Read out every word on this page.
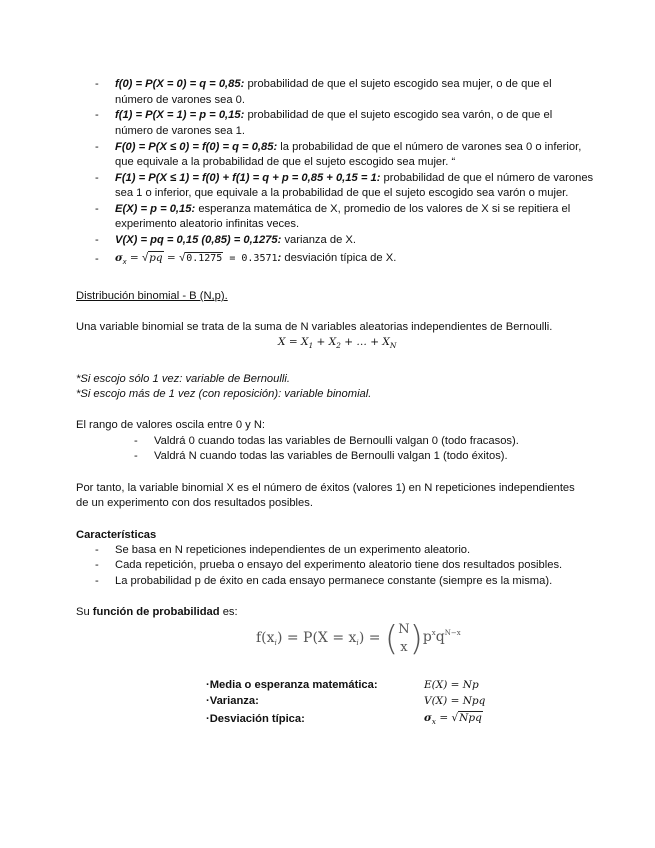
- f(0) = P(X = 0) = q = 0,85: probabilidad de que el sujeto escogido sea mujer, o de que el
número de varones sea 0.
- f(1) = P(X = 1) = p = 0,15: probabilidad de que el sujeto escogido sea varón, o de que el
número de varones sea 1.
- F(0) = P(X ≤ 0) = f(0) = q = 0,85: la probabilidad de que el número de varones sea 0 o inferior,
que equivale a la probabilidad de que el sujeto escogido sea mujer. “
- F(1) = P(X ≤ 1) = f(0) + f(1) = q + p = 0,85 + 0,15 = 1: probabilidad de que el número de varones
sea 1 o inferior, que equivale a la probabilidad de que el sujeto escogido sea varón o mujer.
- E(X) = p = 0,15: esperanza matemática de X, promedio de los valores de X si se repitiera el
experimento aleatorio infinitas veces.
- V(X) = pq = 0,15 (0,85) = 0,1275: varianza de X.
- $\sigma_x = √pq = √0.1275 = 0.3571$: desviación típica de X.
Distribución binomial - B (N,p).
Una variable binomial se trata de la suma de N variables aleatorias independientes de Bernoulli.
$X = X_1 + X_2$ + … + $X_N$
*Si escojo sólo 1 vez: variable de Bernoulli.
*Si escojo más de 1 vez (con reposición): variable binomial.
El rango de valores oscila entre 0 y N:
- Valdrá 0 cuando todas las variables de Bernoulli valgan 0 (todo fracasos).
- Valdrá N cuando todas las variables de Bernoulli valgan 1 (todo éxitos).
Por tanto, la variable binomial X es el número de éxitos (valores 1) en N repeticiones independientes
de un experimento con dos resultados posibles.
Características
- Se basa en N repeticiones independientes de un experimento aleatorio.
- Cada repetición, prueba o ensayo del experimento aleatorio tiene dos resultados posibles.
- La probabilidad p de éxito en cada ensayo permanece constante (siempre es la misma).
Su función de probabilidad es:
$f(x_i) = P(X = x_i) = (N$
$x)p^xq^{N-x}$
·Media o esperanza matemática:	E(X) = Np
·Varianza:	V(X) = Npq
·Desviación típica:	$\sigma_x = √Npq$
